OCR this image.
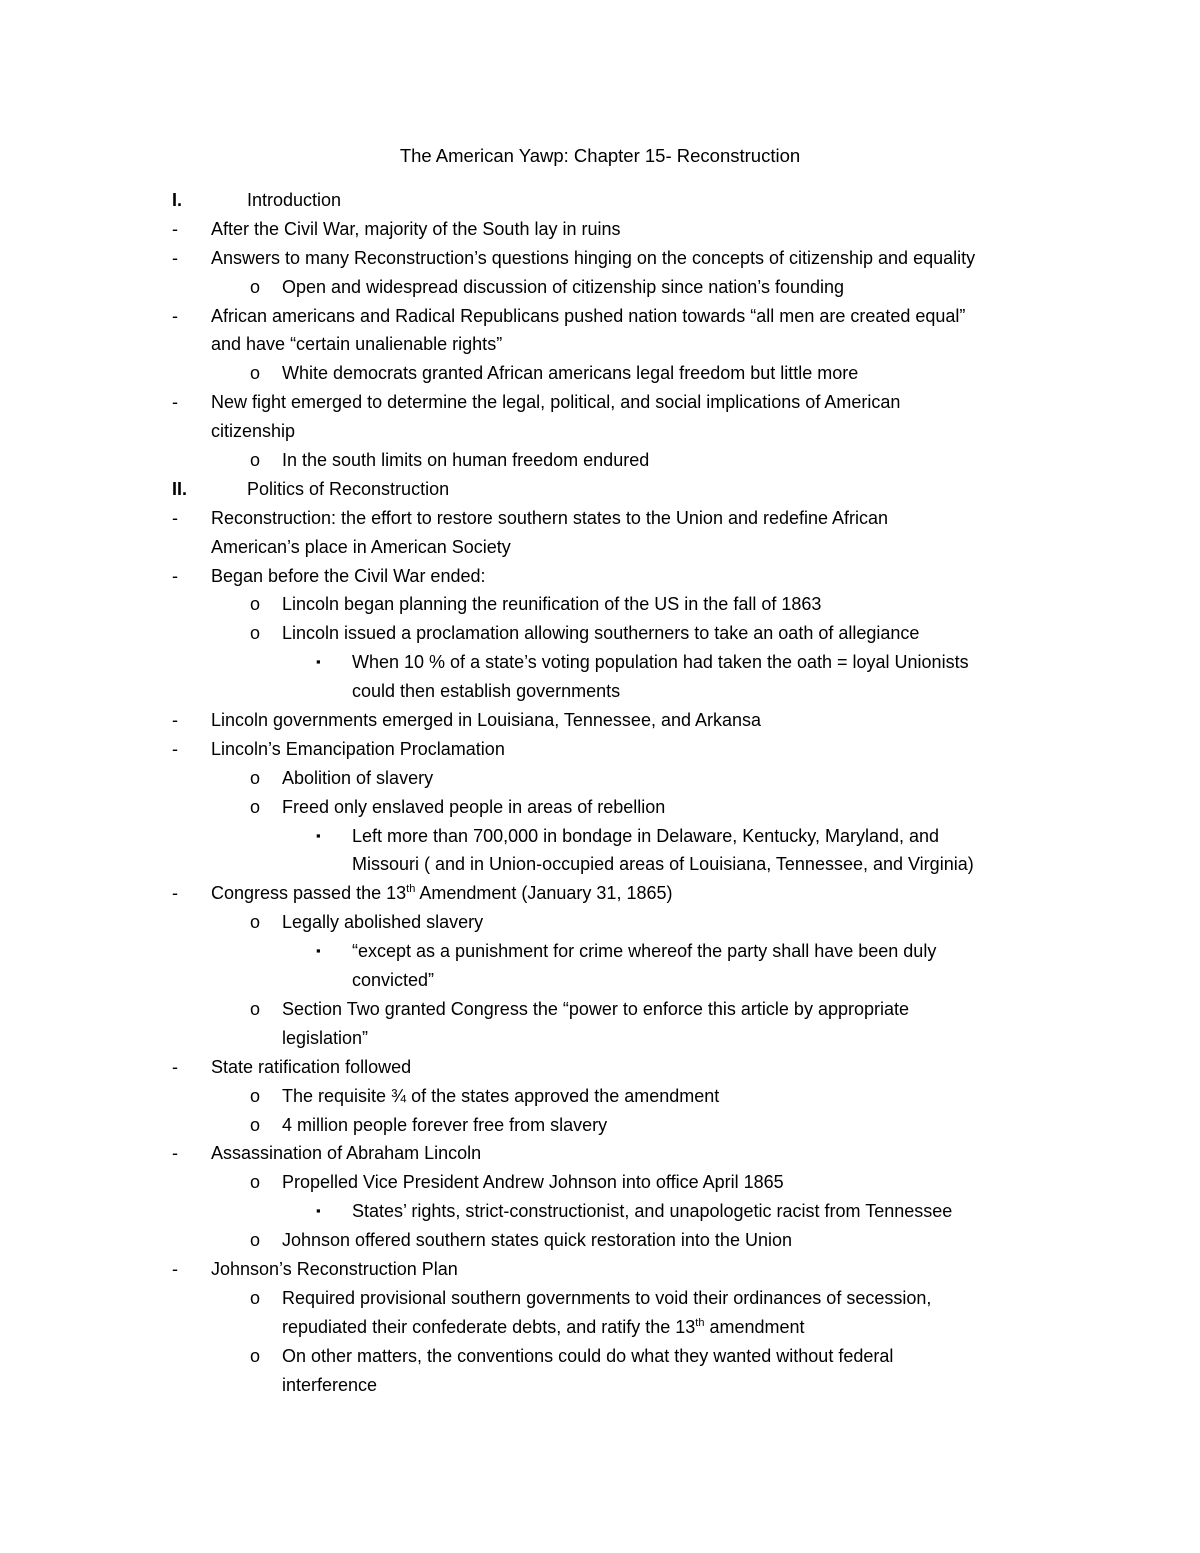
The American Yawp: Chapter 15- Reconstruction
I.	Introduction
- After the Civil War, majority of the South lay in ruins
- Answers to many Reconstruction’s questions hinging on the concepts of citizenship and equality
o Open and widespread discussion of citizenship since nation’s founding
- African americans and Radical Republicans pushed nation towards “all men are created equal”
and have “certain unalienable rights”
o White democrats granted African americans legal freedom but little more
- New fight emerged to determine the legal, political, and social implications of American
citizenship
o In the south limits on human freedom endured
II.	Politics of Reconstruction
- Reconstruction: the effort to restore southern states to the Union and redefine African
American’s place in American Society
- Began before the Civil War ended:
o Lincoln began planning the reunification of the US in the fall of 1863
o Lincoln issued a proclamation allowing southerners to take an oath of allegiance
▪ When 10 % of a state’s voting population had taken the oath = loyal Unionists
could then establish governments
- Lincoln governments emerged in Louisiana, Tennessee, and Arkansa
- Lincoln’s Emancipation Proclamation
o Abolition of slavery
o Freed only enslaved people in areas of rebellion
▪ Left more than 700,000 in bondage in Delaware, Kentucky, Maryland, and
Missouri ( and in Union-occupied areas of Louisiana, Tennessee, and Virginia)
- Congress passed the 13th Amendment (January 31, 1865)
o Legally abolished slavery
▪ “except as a punishment for crime whereof the party shall have been duly
convicted”
o Section Two granted Congress the “power to enforce this article by appropriate
legislation”
- State ratification followed
o The requisite ¾ of the states approved the amendment
o 4 million people forever free from slavery
- Assassination of Abraham Lincoln
o Propelled Vice President Andrew Johnson into office April 1865
▪ States’ rights, strict-constructionist, and unapologetic racist from Tennessee
o Johnson offered southern states quick restoration into the Union
- Johnson’s Reconstruction Plan
o Required provisional southern governments to void their ordinances of secession,
repudiated their confederate debts, and ratify the 13th amendment
o On other matters, the conventions could do what they wanted without federal
interference
